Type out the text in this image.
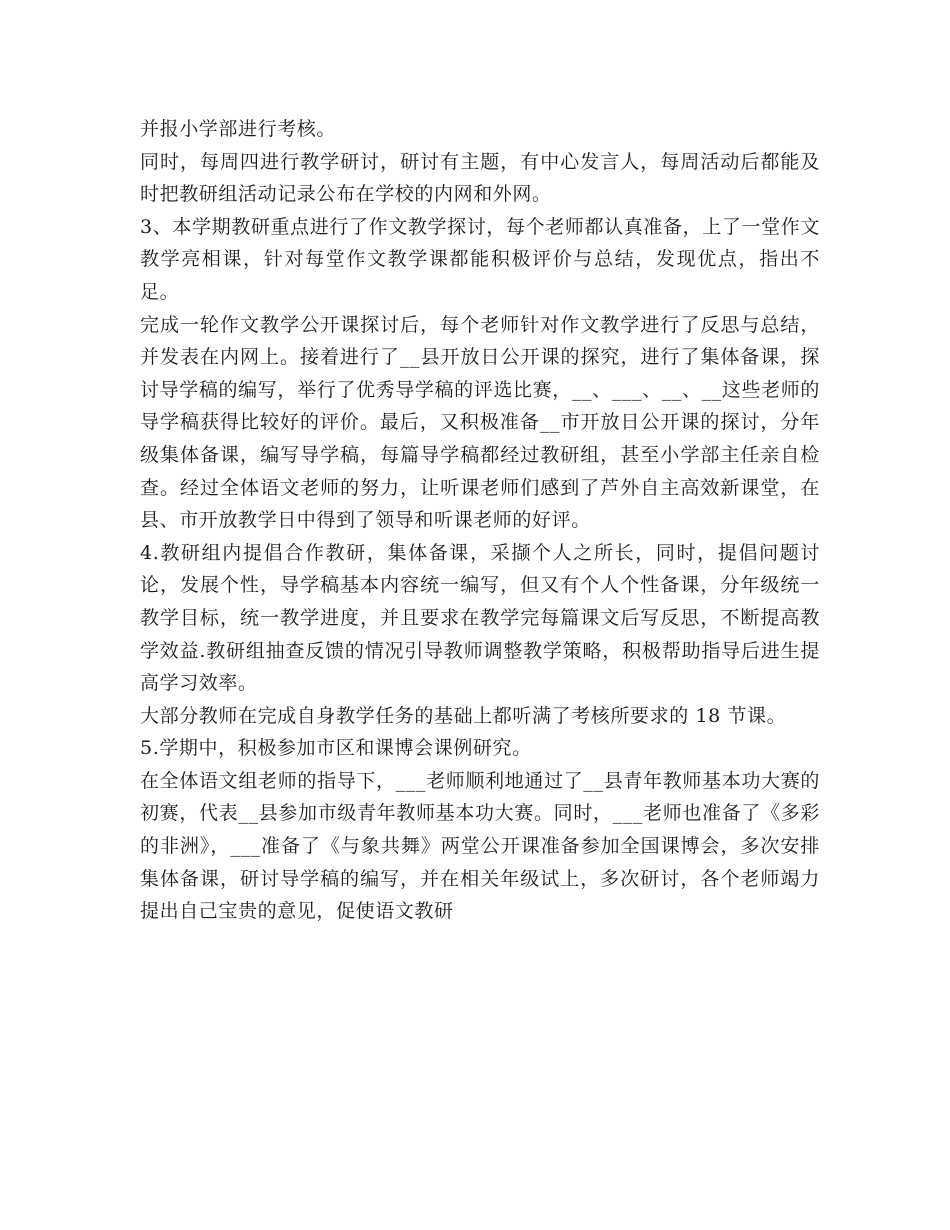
并报小学部进行考核。

同时，每周四进行教学研讨，研讨有主题，有中心发言人，每周活动后都能及时把教研组活动记录公布在学校的内网和外网。

3、本学期教研重点进行了作文教学探讨，每个老师都认真准备，上了一堂作文教学亮相课，针对每堂作文教学课都能积极评价与总结，发现优点，指出不足。

完成一轮作文教学公开课探讨后，每个老师针对作文教学进行了反思与总结，并发表在内网上。接着进行了__县开放日公开课的探究，进行了集体备课，探讨导学稿的编写，举行了优秀导学稿的评选比赛，__、___、__、__这些老师的导学稿获得比较好的评价。最后，又积极准备__市开放日公开课的探讨，分年级集体备课，编写导学稿，每篇导学稿都经过教研组，甚至小学部主任亲自检查。经过全体语文老师的努力，让听课老师们感到了芦外自主高效新课堂，在县、市开放教学日中得到了领导和听课老师的好评。

4.教研组内提倡合作教研，集体备课，采撷个人之所长，同时，提倡问题讨论，发展个性，导学稿基本内容统一编写，但又有个人个性备课，分年级统一教学目标，统一教学进度，并且要求在教学完每篇课文后写反思，不断提高教学效益.教研组抽查反馈的情况引导教师调整教学策略，积极帮助指导后进生提高学习效率。

大部分教师在完成自身教学任务的基础上都听满了考核所要求的 18 节课。

5.学期中，积极参加市区和课博会课例研究。

在全体语文组老师的指导下，___老师顺利地通过了__县青年教师基本功大赛的初赛，代表__县参加市级青年教师基本功大赛。同时，___老师也准备了《多彩的非洲》，___准备了《与象共舞》两堂公开课准备参加全国课博会，多次安排集体备课，研讨导学稿的编写，并在相关年级试上，多次研讨，各个老师竭力提出自己宝贵的意见，促使语文教研
